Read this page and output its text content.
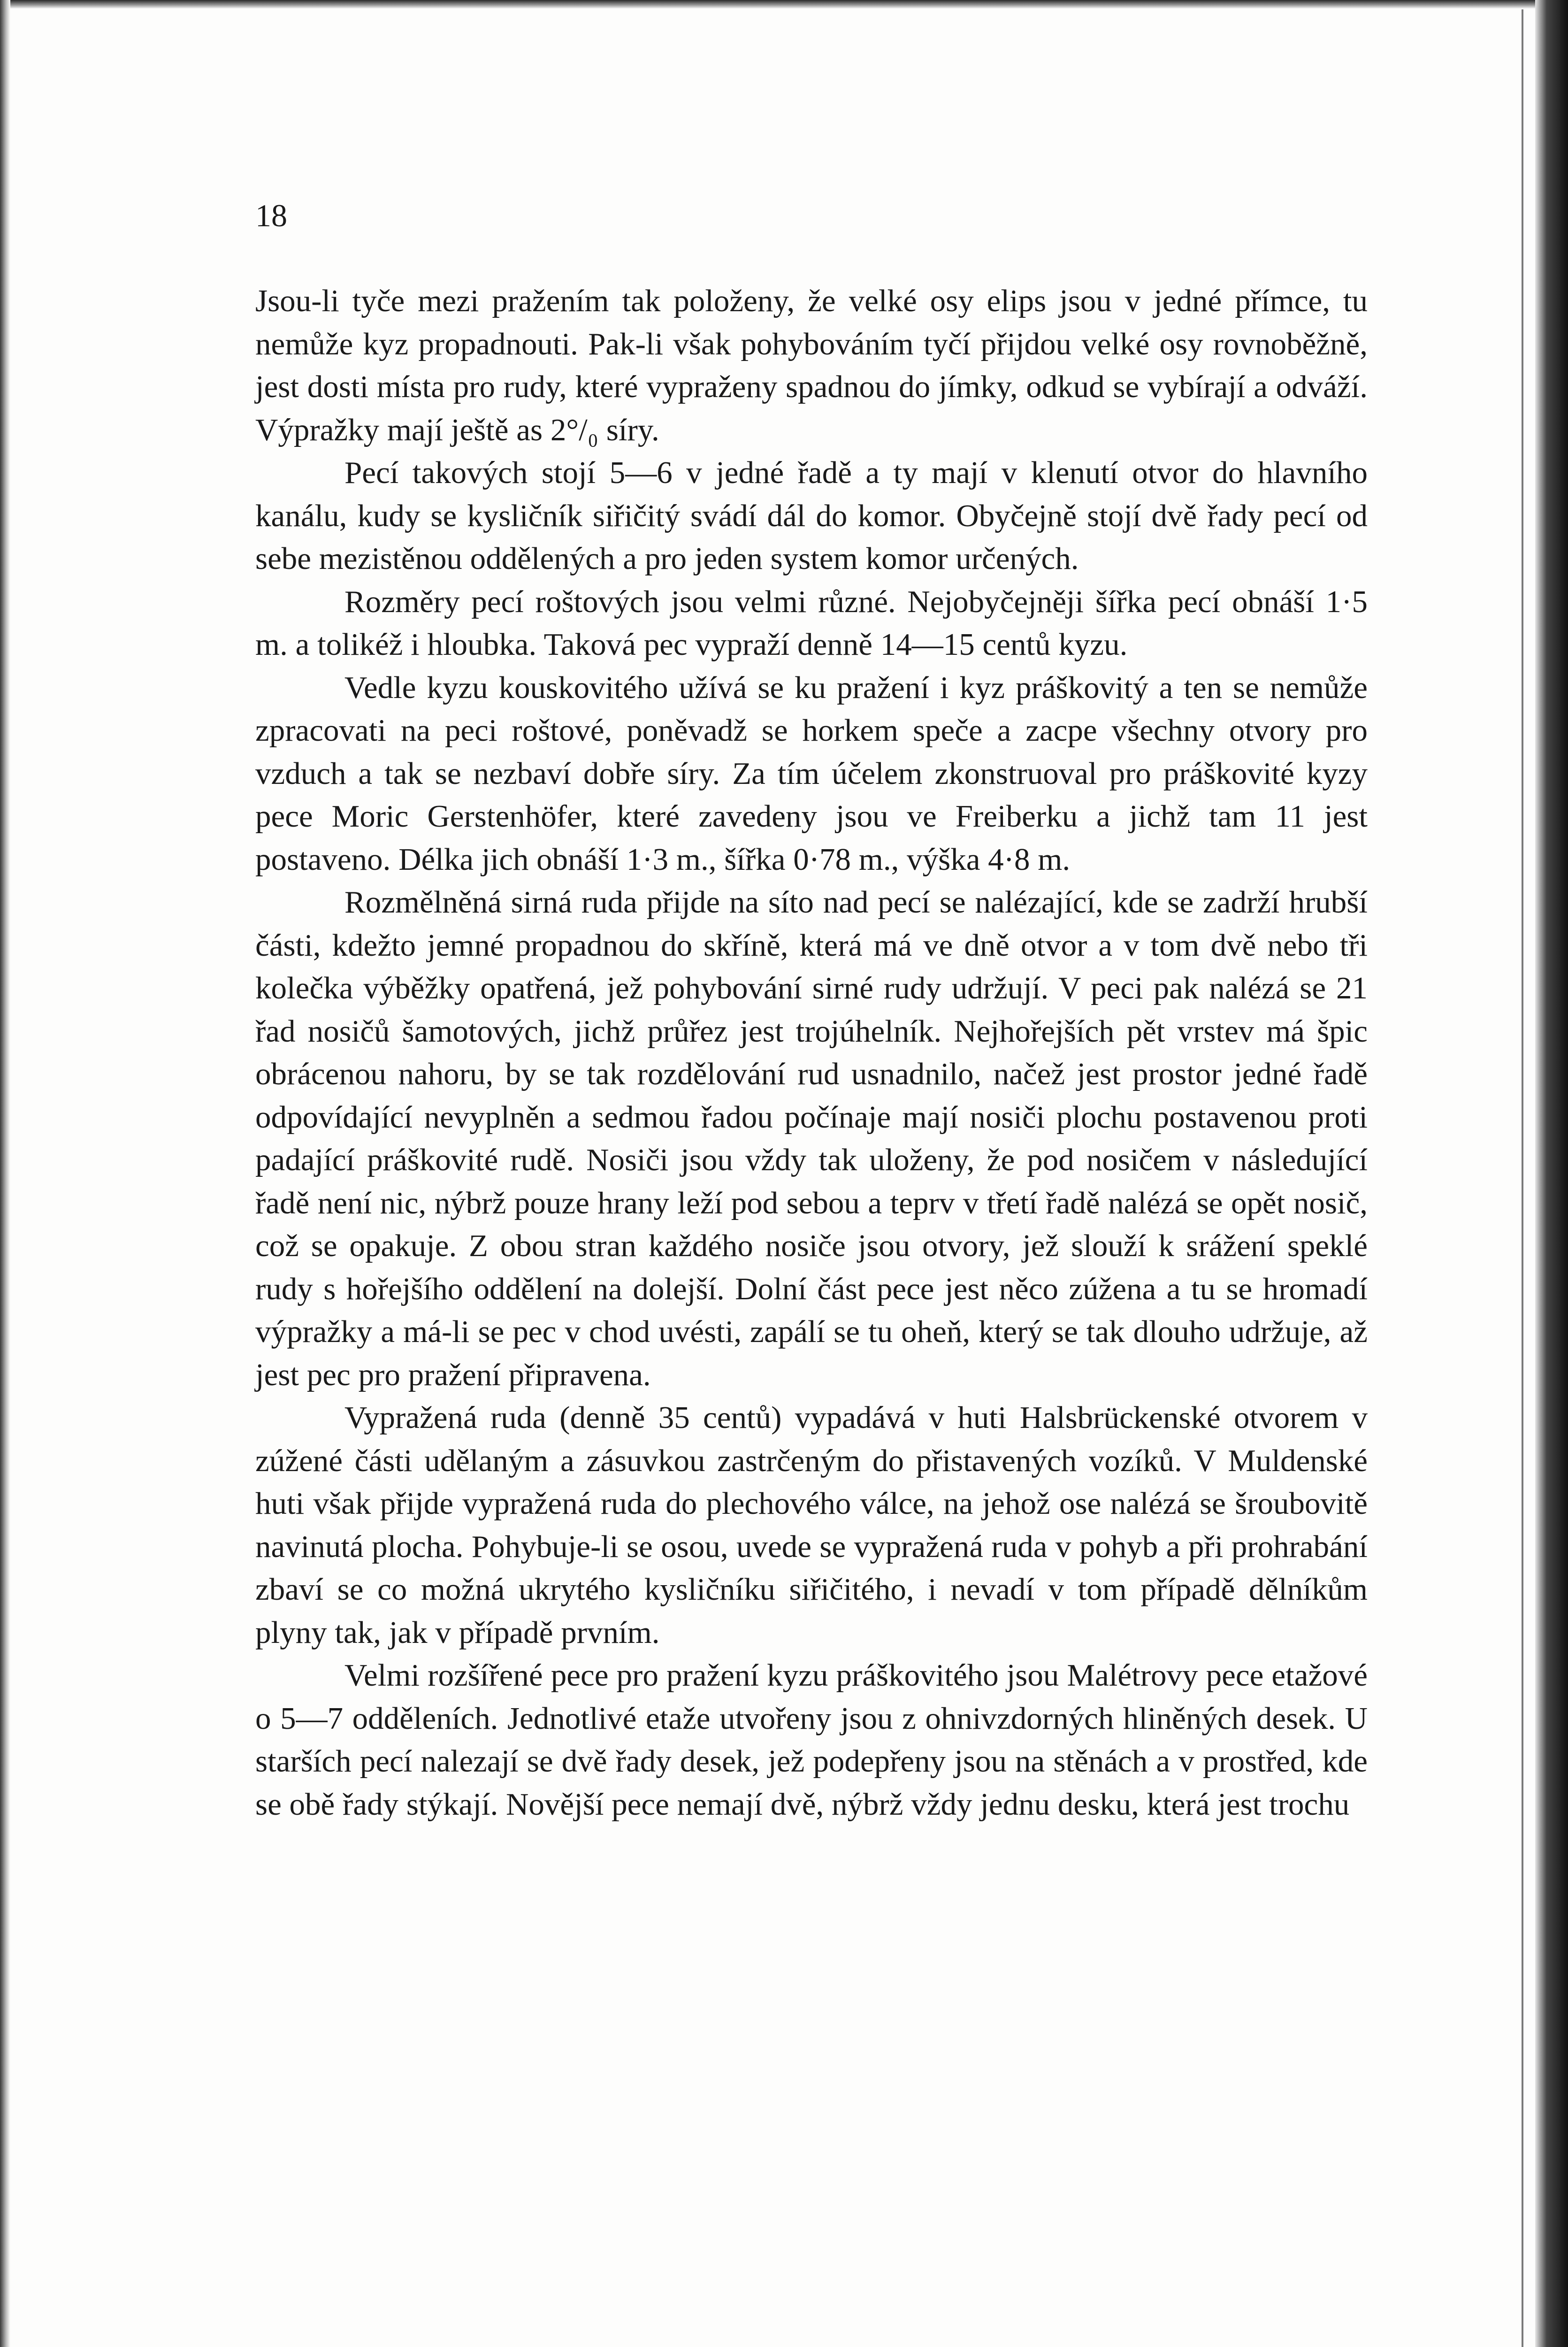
18

Jsou-li tyče mezi pražením tak položeny, že velké osy elips jsou v jedné přímce, tu nemůže kyz propadnouti. Pak-li však pohybováním tyčí přijdou velké osy rovnoběžně, jest dosti místa pro rudy, které vypraženy spadnou do jímky, odkud se vybírají a odváží. Výpražky mají ještě as 2°/₀ síry.

Pecí takových stojí 5—6 v jedné řadě a ty mají v klenutí otvor do hlavního kanálu, kudy se kysličník siřičitý svádí dál do komor. Obyčejně stojí dvě řady pecí od sebe mezistěnou oddělených a pro jeden system komor určených.

Rozměry pecí roštových jsou velmi různé. Nejobyčejněji šířka pecí obnáší 1·5 m. a tolikéž i hloubka. Taková pec vypraží denně 14—15 centů kyzu.

Vedle kyzu kouskovitého užívá se ku pražení i kyz práškovitý a ten se nemůže zpracovati na peci roštové, poněvadž se horkem speče a zacpe všechny otvory pro vzduch a tak se nezbaví dobře síry. Za tím účelem zkonstruoval pro práškovité kyzy pece Moric Gerstenhöfer, které zavedeny jsou ve Freiberku a jichž tam 11 jest postaveno. Délka jich obnáší 1·3 m., šířka 0·78 m., výška 4·8 m.

Rozmělněná sirná ruda přijde na síto nad pecí se nalézající, kde se zadrží hrubší části, kdežto jemné propadnou do skříně, která má ve dně otvor a v tom dvě nebo tři kolečka výběžky opatřená, jež pohybování sirné rudy udržují. V peci pak nalézá se 21 řad nosičů šamotových, jichž průřez jest trojúhelník. Nejhořejších pět vrstev má špic obrácenou nahoru, by se tak rozdělování rud usnadnilo, načež jest prostor jedné řadě odpovídající nevyplněn a sedmou řadou počínaje mají nosiči plochu postavenou proti padající práškovité rudě. Nosiči jsou vždy tak uloženy, že pod nosičem v následující řadě není nic, nýbrž pouze hrany leží pod sebou a teprv v třetí řadě nalézá se opět nosič, což se opakuje. Z obou stran každého nosiče jsou otvory, jež slouží k srážení speklé rudy s hořejšího oddělení na dolejší. Dolní část pece jest něco zúžena a tu se hromadí výpražky a má-li se pec v chod uvésti, zapálí se tu oheň, který se tak dlouho udržuje, až jest pec pro pražení připravena.

Vypražená ruda (denně 35 centů) vypadává v huti Halsbrückenské otvorem v zúžené části udělaným a zásuvkou zastrčeným do přistavených vozíků. V Muldenské huti však přijde vypražená ruda do plechového válce, na jehož ose nalézá se šroubovitě navinutá plocha. Pohybuje-li se osou, uvede se vypražená ruda v pohyb a při prohrabání zbaví se co možná ukrytého kysličníku siřičitého, i nevadí v tom případě dělníkům plyny tak, jak v případě prvním.

Velmi rozšířené pece pro pražení kyzu práškovitého jsou Malétrovy pece etažové o 5—7 odděleních. Jednotlivé etaže utvořeny jsou z ohnivzdorných hliněných desek. U starších pecí nalezají se dvě řady desek, jež podepřeny jsou na stěnách a v prostřed, kde se obě řady stýkají. Novější pece nemají dvě, nýbrž vždy jednu desku, která jest trochu
